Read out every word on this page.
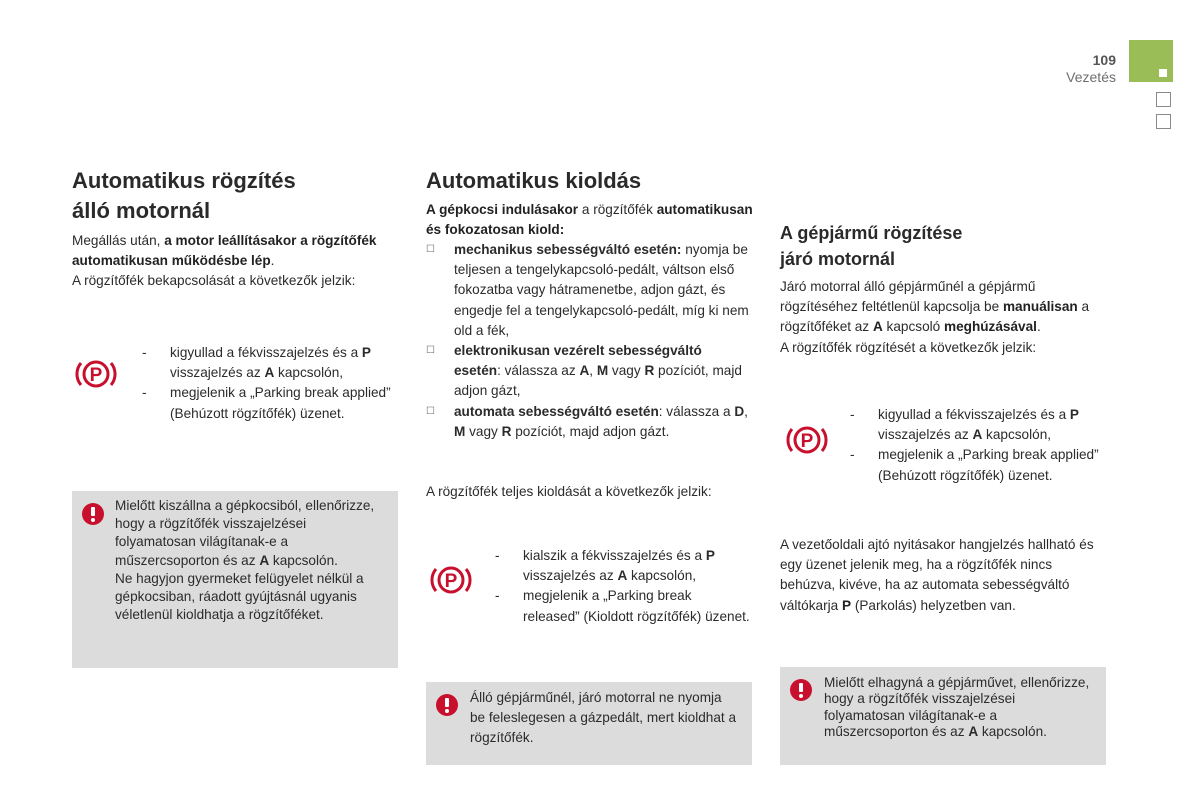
109
Vezetés
Automatikus rögzítés
álló motornál
Megállás után, a motor leállításakor a rögzítőfék automatikusan működésbe lép.
A rögzítőfék bekapcsolását a következők jelzik:
P
- kigyullad a fékvisszajelzés és a P visszajelzés az A kapcsolón,
- megjelenik a „Parking break applied” (Behúzott rögzítőfék) üzenet.
Mielőtt kiszállna a gépkocsiból, ellenőrizze, hogy a rögzítőfék visszajelzései folyamatosan világítanak-e a műszercsoporton és az A kapcsolón.
Ne hagyjon gyermeket felügyelet nélkül a gépkocsiban, ráadott gyújtásnál ugyanis véletlenül kioldhatja a rögzítőféket.
Automatikus kioldás
A gépkocsi indulásakor a rögzítőfék automatikusan és fokozatosan kiold:
☐ mechanikus sebességváltó esetén: nyomja be teljesen a tengelykapcsoló-pedált, váltson első fokozatba vagy hátramenetbe, adjon gázt, és engedje fel a tengelykapcsoló-pedált, míg ki nem old a fék,
☐ elektronikusan vezérelt sebességváltó esetén: válassza az A, M vagy R pozíciót, majd adjon gázt,
☐ automata sebességváltó esetén: válassza a D, M vagy R pozíciót, majd adjon gázt.
A rögzítőfék teljes kioldását a következők jelzik:
P
- kialszik a fékvisszajelzés és a P visszajelzés az A kapcsolón,
- megjelenik a „Parking break released” (Kioldott rögzítőfék) üzenet.
Álló gépjárműnél, járó motorral ne nyomja be feleslegesen a gázpedált, mert kioldhat a rögzítőfék.
A gépjármű rögzítése
járó motornál
Járó motorral álló gépjárműnél a gépjármű rögzítéséhez feltétlenül kapcsolja be manuálisan a rögzítőféket az A kapcsoló meghúzásával.
A rögzítőfék rögzítését a következők jelzik:
P
- kigyullad a fékvisszajelzés és a P visszajelzés az A kapcsolón,
- megjelenik a „Parking break applied” (Behúzott rögzítőfék) üzenet.
A vezetőoldali ajtó nyitásakor hangjelzés hallható és egy üzenet jelenik meg, ha a rögzítőfék nincs behúzva, kivéve, ha az automata sebességváltó váltókarja P (Parkolás) helyzetben van.
Mielőtt elhagyná a gépjárművet, ellenőrizze, hogy a rögzítőfék visszajelzései folyamatosan világítanak-e a műszercsoporton és az A kapcsolón.
